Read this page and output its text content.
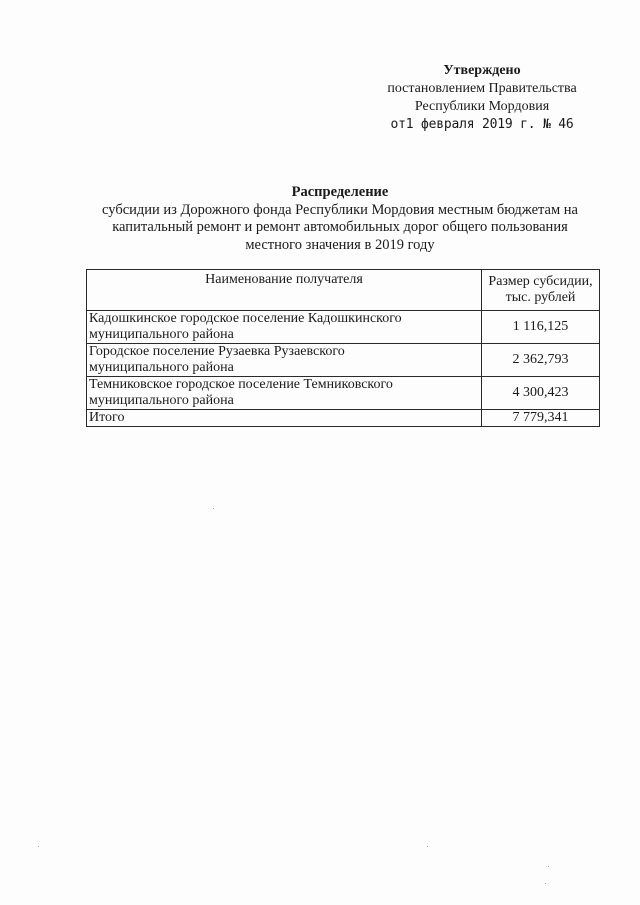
Утверждено
постановлением Правительства
Республики Мордовия
от1 февраля 2019 г. № 46
Распределение
субсидии из Дорожного фонда Республики Мордовия местным бюджетам на
капитальный ремонт и ремонт автомобильных дорог общего пользования
местного значения в 2019 году
Наименование получателя	Размер субсидии,
тыс. рублей
Кадошкинское городское поселение Кадошкинского
муниципального района	1 116,125
Городское поселение Рузаевка Рузаевского
муниципального района	2 362,793
Темниковское городское поселение Темниковского
муниципального района	4 300,423
Итого	7 779,341
